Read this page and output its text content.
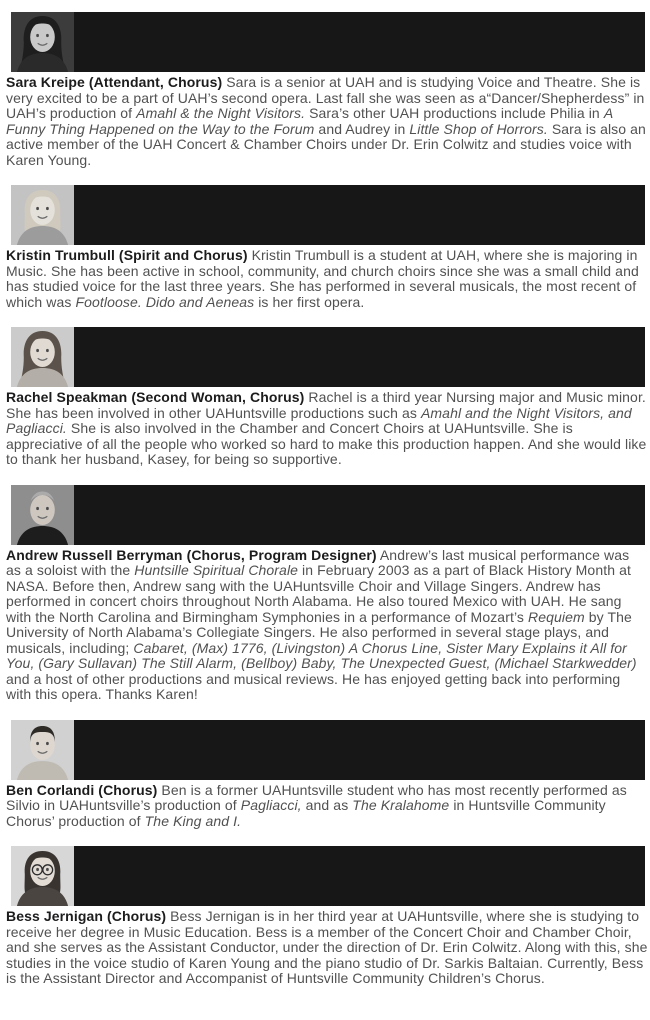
Sara Kreipe (Attendant, Chorus) Sara is a senior at UAH and is studying Voice and Theatre. She is very excited to be a part of UAH’s second opera. Last fall she was seen as a“Dancer/Shepherdess” in UAH’s production of Amahl & the Night Visitors. Sara’s other UAH productions include Philia in A Funny Thing Happened on the Way to the Forum and Audrey in Little Shop of Horrors. Sara is also an active member of the UAH Concert & Chamber Choirs under Dr. Erin Colwitz and studies voice with Karen Young.

Kristin Trumbull (Spirit and Chorus) Kristin Trumbull is a student at UAH, where she is majoring in Music. She has been active in school, community, and church choirs since she was a small child and has studied voice for the last three years. She has performed in several musicals, the most recent of which was Footloose. Dido and Aeneas is her first opera.

Rachel Speakman (Second Woman, Chorus) Rachel is a third year Nursing major and Music minor. She has been involved in other UAHuntsville productions such as Amahl and the Night Visitors, and Pagliacci. She is also involved in the Chamber and Concert Choirs at UAHuntsville. She is appreciative of all the people who worked so hard to make this production happen. And she would like to thank her husband, Kasey, for being so supportive.

Andrew Russell Berryman (Chorus, Program Designer) Andrew’s last musical performance was as a soloist with the Huntsille Spiritual Chorale in February 2003 as a part of Black History Month at NASA. Before then, Andrew sang with the UAHuntsville Choir and Village Singers. Andrew has performed in concert choirs throughout North Alabama. He also toured Mexico with UAH. He sang with the North Carolina and Birmingham Symphonies in a performance of Mozart’s Requiem by The University of North Alabama’s Collegiate Singers. He also performed in several stage plays, and musicals, including; Cabaret, (Max) 1776, (Livingston) A Chorus Line, Sister Mary Explains it All for You, (Gary Sullavan) The Still Alarm, (Bellboy) Baby, The Unexpected Guest, (Michael Starkwedder) and a host of other productions and musical reviews. He has enjoyed getting back into performing with this opera. Thanks Karen!

Ben Corlandi (Chorus) Ben is a former UAHuntsville student who has most recently performed as Silvio in UAHuntsville’s production of Pagliacci, and as The Kralahome in Huntsville Community Chorus’ production of The King and I.

Bess Jernigan (Chorus) Bess Jernigan is in her third year at UAHuntsville, where she is studying to receive her degree in Music Education. Bess is a member of the Concert Choir and Chamber Choir, and she serves as the Assistant Conductor, under the direction of Dr. Erin Colwitz. Along with this, she studies in the voice studio of Karen Young and the piano studio of Dr. Sarkis Baltaian. Currently, Bess is the Assistant Director and Accompanist of Huntsville Community Children’s Chorus.
